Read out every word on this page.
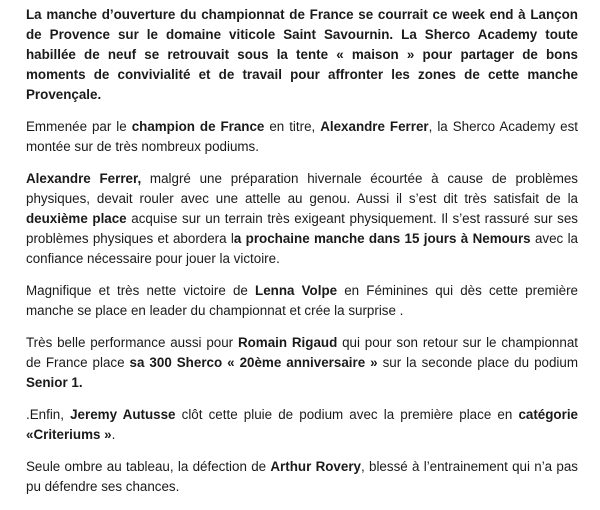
La manche d’ouverture du championnat de France se courrait ce week end à Lançon de Provence sur le domaine viticole Saint Savournin. La Sherco Academy toute habillée de neuf se retrouvait sous la tente « maison » pour partager de bons moments de convivialité et de travail pour affronter les zones de cette manche Provençale.

Emmenée par le champion de France en titre, Alexandre Ferrer, la Sherco Academy est montée sur de très nombreux podiums.

Alexandre Ferrer, malgré une préparation hivernale écourtée à cause de problèmes physiques, devait rouler avec une attelle au genou. Aussi il s’est dit très satisfait de la deuxième place acquise sur un terrain très exigeant physiquement. Il s’est rassuré sur ses problèmes physiques et abordera la prochaine manche dans 15 jours à Nemours avec la confiance nécessaire pour jouer la victoire.

Magnifique et très nette victoire de Lenna Volpe en Féminines qui dès cette première manche se place en leader du championnat et crée la surprise .

Très belle performance aussi pour Romain Rigaud qui pour son retour sur le championnat de France place sa 300 Sherco « 20ème anniversaire » sur la seconde place du podium Senior 1.

.Enfin, Jeremy Autusse clôt cette pluie de podium avec la première place en catégorie «Criteriums ».

Seule ombre au tableau, la défection de Arthur Rovery, blessé à l’entrainement qui n’a pas pu défendre ses chances.
